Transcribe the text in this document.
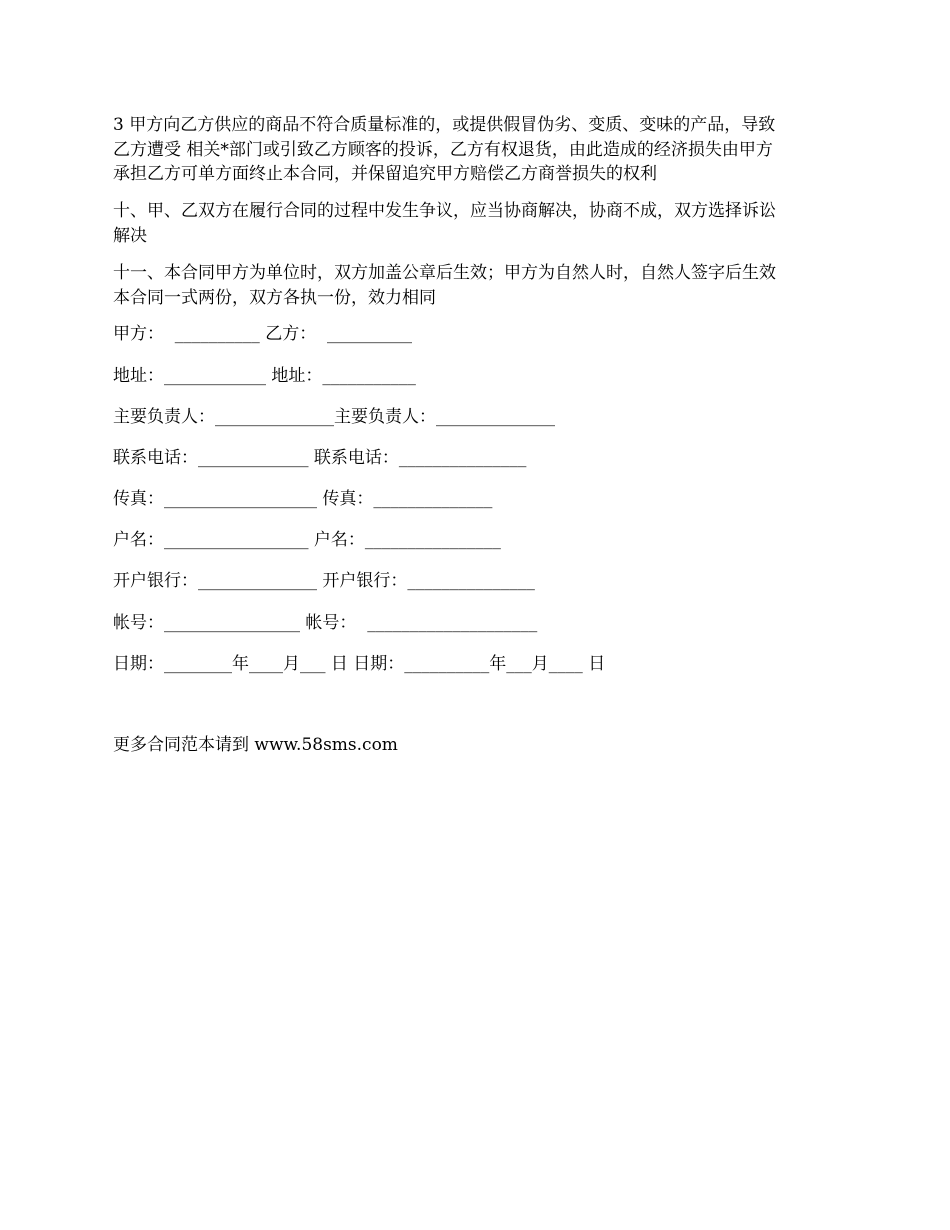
3 甲方向乙方供应的商品不符合质量标准的，或提供假冒伪劣、变质、变味的产品，导致
乙方遭受 相关*部门或引致乙方顾客的投诉，乙方有权退货，由此造成的经济损失由甲方
承担乙方可单方面终止本合同，并保留追究甲方赔偿乙方商誉损失的权利

十、甲、乙双方在履行合同的过程中发生争议，应当协商解决，协商不成，双方选择诉讼
解决

十一、本合同甲方为单位时，双方加盖公章后生效；甲方为自然人时，自然人签字后生效
本合同一式两份，双方各执一份，效力相同

甲方：  __________ 乙方：  __________
地址：____________ 地址：___________
主要负责人：______________主要负责人：______________
联系电话：_____________ 联系电话：_______________
传真：__________________ 传真：______________
户名：_________________ 户名：________________
开户银行：______________ 开户银行：_______________
帐号：________________ 帐号：  ____________________
日期：________年____月___ 日 日期：__________年___月____ 日
更多合同范本请到 www.58sms.com
